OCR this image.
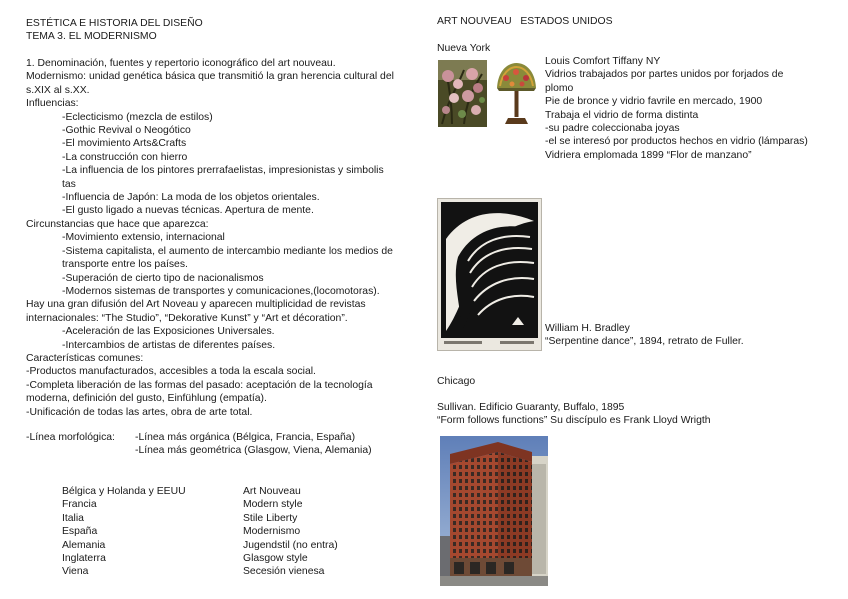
ESTÉTICA E HISTORIA DEL DISEÑO
TEMA 3. EL MODERNISMO
1. Denominación, fuentes y repertorio iconográfico del art nouveau.
Modernismo: unidad genética básica que transmitió la gran herencia cultural del
s.XIX al s.XX.
Influencias:
-Eclecticismo (mezcla de estilos)
-Gothic Revival o Neogótico
-El movimiento Arts&Crafts
-La construcción con hierro
-La influencia de los pintores prerrafaelistas, impresionistas y simbolis
tas
-Influencia de Japón: La moda de los objetos orientales.
-El gusto ligado a nuevas técnicas. Apertura de mente.
Circunstancias que hace que aparezca:
-Movimiento extensio, internacional
-Sistema capitalista, el aumento de intercambio mediante los medios de
transporte entre los países.
-Superación de cierto tipo de nacionalismos
-Modernos sistemas de transportes y comunicaciones,(locomotoras).
Hay una gran difusión del Art Noveau y aparecen multiplicidad de revistas
internacionales: “The Studio”, “Dekorative Kunst” y “Art et décoration”.
-Aceleración de las Exposiciones Universales.
-Intercambios de artistas de diferentes países.
Características comunes:
-Productos manufacturados, accesibles a toda la escala social.
-Completa liberación de las formas del pasado: aceptación de la tecnología
moderna, definición del gusto, Einfühlung (empatía).
-Unificación de todas las artes, obra de arte total.
-Línea morfológica: -Línea más orgánica (Bélgica, Francia, España)
-Línea más geométrica (Glasgow, Viena, Alemania)
Bélgica y Holanda y EEUU
Francia
Italia
España
Alemania
Inglaterra
Viena
Art Nouveau
Modern style
Stile Liberty
Modernismo
Jugendstil (no entra)
Glasgow style
Secesión vienesa
ART NOUVEAU   ESTADOS UNIDOS
Nueva York
Louis Comfort Tiffany NY
Vidrios trabajados por partes unidos por forjados de
plomo
Pie de bronce y vidrio favrile en mercado, 1900
Trabaja el vidrio de forma distinta
-su padre coleccionaba joyas
-el se interesó por productos hechos en vidrio (lámparas)
Vidriera emplomada 1899 “Flor de manzano”
William H. Bradley
“Serpentine dance”, 1894, retrato de Fuller.
Chicago
Sullivan. Edificio Guaranty, Buffalo, 1895
“Form follows functions” Su discípulo es Frank Lloyd Wrigth
